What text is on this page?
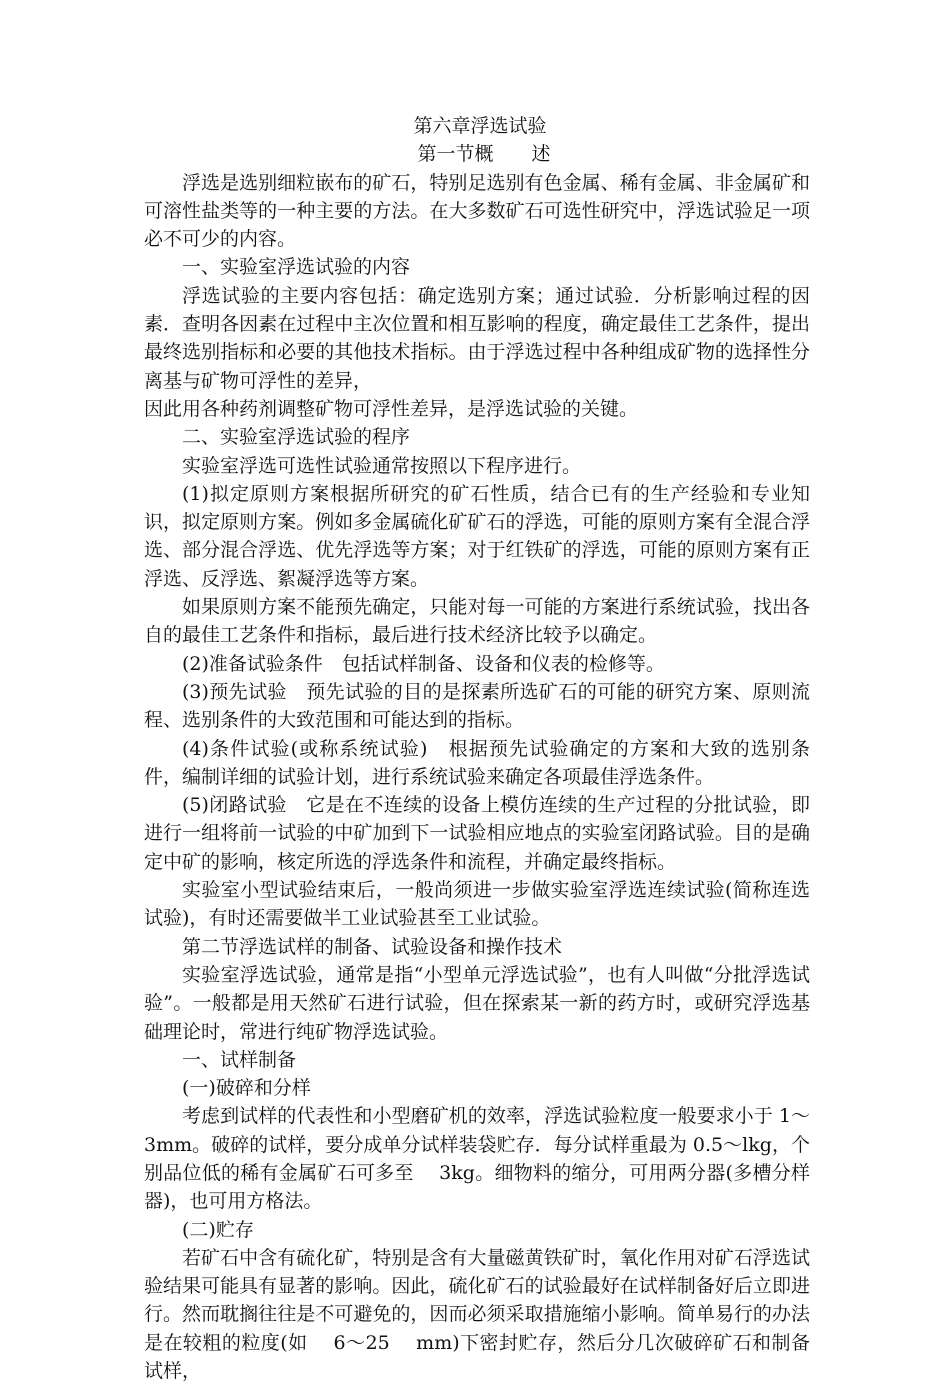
第六章浮选试验

第一节概　　述

浮选是选别细粒嵌布的矿石，特别足选别有色金属、稀有金属、非金属矿和可溶性盐类等的一种主要的方法。在大多数矿石可选性研究中，浮选试验足一项必不可少的内容。

一、实验室浮选试验的内容

浮选试验的主要内容包括：确定选别方案；通过试验．分析影响过程的因素．查明各因素在过程中主次位置和相互影响的程度，确定最佳工艺条件，提出最终选别指标和必要的其他技术指标。由于浮选过程中各种组成矿物的选择性分离基与矿物可浮性的差异，

因此用各种药剂调整矿物可浮性差异，是浮选试验的关键。

二、实验室浮选试验的程序

实验室浮选可选性试验通常按照以下程序进行。

(1)拟定原则方案根据所研究的矿石性质，结合已有的生产经验和专业知识，拟定原则方案。例如多金属硫化矿矿石的浮选，可能的原则方案有全混合浮选、部分混合浮选、优先浮选等方案；对于红铁矿的浮选，可能的原则方案有正浮选、反浮选、絮凝浮选等方案。

如果原则方案不能预先确定，只能对每一可能的方案进行系统试验，找出各自的最佳工艺条件和指标，最后进行技术经济比较予以确定。

(2)准备试验条件　包括试样制备、设备和仪表的检修等。

(3)预先试验　预先试验的目的是探素所选矿石的可能的研究方案、原则流程、选别条件的大致范围和可能达到的指标。

(4)条件试验(或称系统试验)　根据预先试验确定的方案和大致的选别条件，编制详细的试验计划，进行系统试验来确定各项最佳浮选条件。

(5)闭路试验　它是在不连续的设备上模仿连续的生产过程的分批试验，即进行一组将前一试验的中矿加到下一试验相应地点的实验室闭路试验。目的是确定中矿的影响，核定所选的浮选条件和流程，并确定最终指标。

实验室小型试验结束后，一般尚须进一步做实验室浮选连续试验(简称连选试验)，有时还需要做半工业试验甚至工业试验。

第二节浮选试样的制备、试验设备和操作技术

实验室浮选试验，通常是指“小型单元浮选试验”，也有人叫做“分批浮选试验”。一般都是用天然矿石进行试验，但在探索某一新的药方时，或研究浮选基础理论时，常进行纯矿物浮选试验。

一、试样制备

(一)破碎和分样

考虑到试样的代表性和小型磨矿机的效率，浮选试验粒度一般要求小于 1～3mm。破碎的试样，要分成单分试样装袋贮存．每分试样重最为 0.5～lkg，个别品位低的稀有金属矿石可多至　 3kg。细物料的缩分，可用两分器(多槽分样器)，也可用方格法。

(二)贮存

若矿石中含有硫化矿，特别是含有大量磁黄铁矿时，氧化作用对矿石浮选试验结果可能具有显著的影响。因此，硫化矿石的试验最好在试样制备好后立即进行。然而耽搁往往是不可避免的，因而必须采取措施缩小影响。简单易行的办法是在较粗的粒度(如　 6～25　 mm)下密封贮存，然后分几次破碎矿石和制备试样，
